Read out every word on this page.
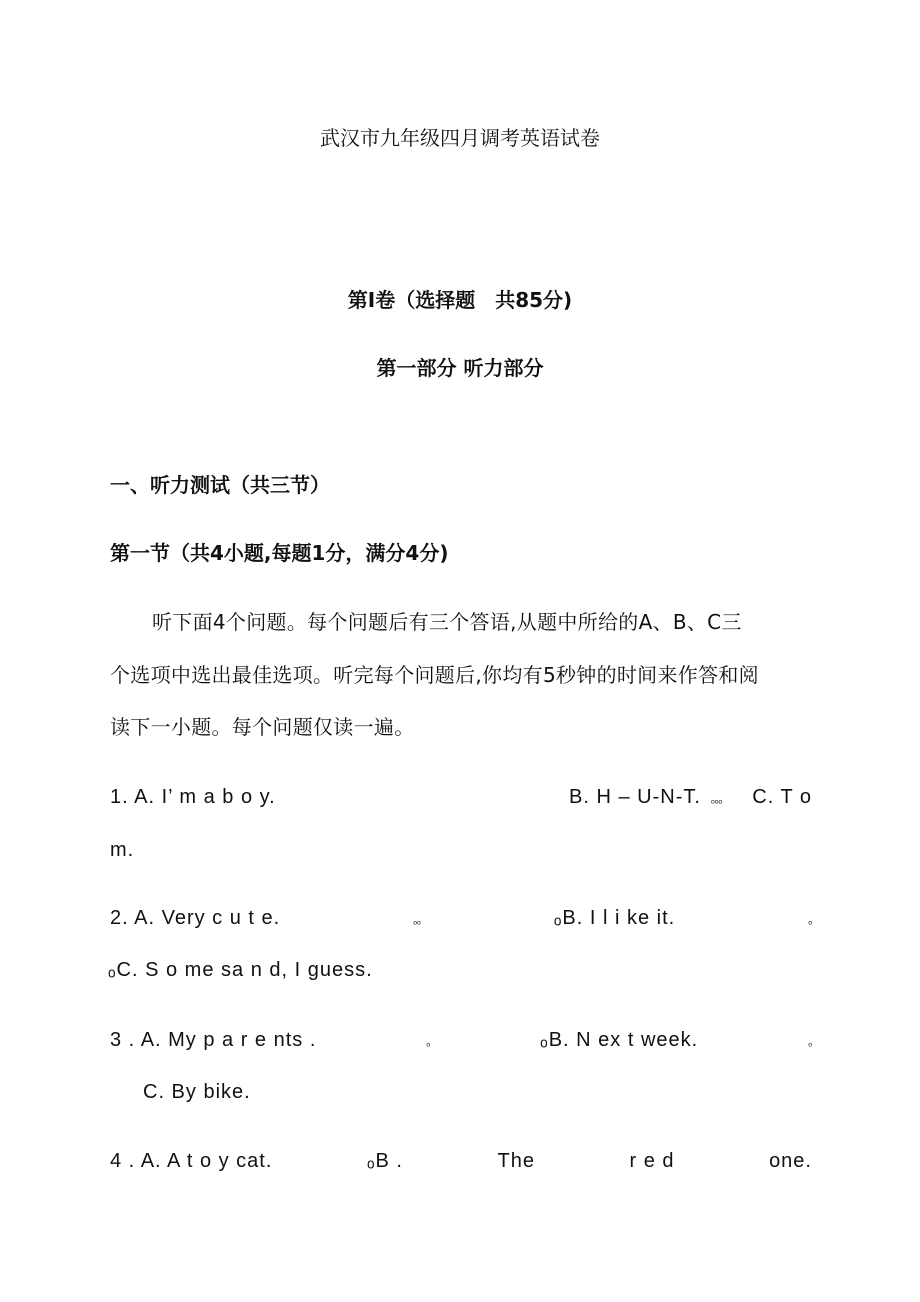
武汉市九年级四月调考英语试卷
第Ⅰ卷（选择题　共85分)
第一部分 听力部分
一、听力测试（共三节）
第一节（共4小题,每题1分，满分4分)
听下面4个问题。每个问题后有三个答语,从题中所给的A、B、C三
个选项中选出最佳选项。听完每个问题后,你均有5秒钟的时间来作答和阅
读下一小题。每个问题仅读一遍。
1. A. I’ m a b o y.	B. H – U-N-T. ₒₒₒ C. T o
m.
2. A. Very c u t e.	ₒₒ	ₒB. I l i ke it.	ₒ
ₒC. S o me sa n d, I guess.
3 . A. My p a r e nts .	ₒ	ₒB. N ex t week.	ₒ
C. By bike.
4 . A. A t o y cat.	ₒB .	The	r e d	one.
